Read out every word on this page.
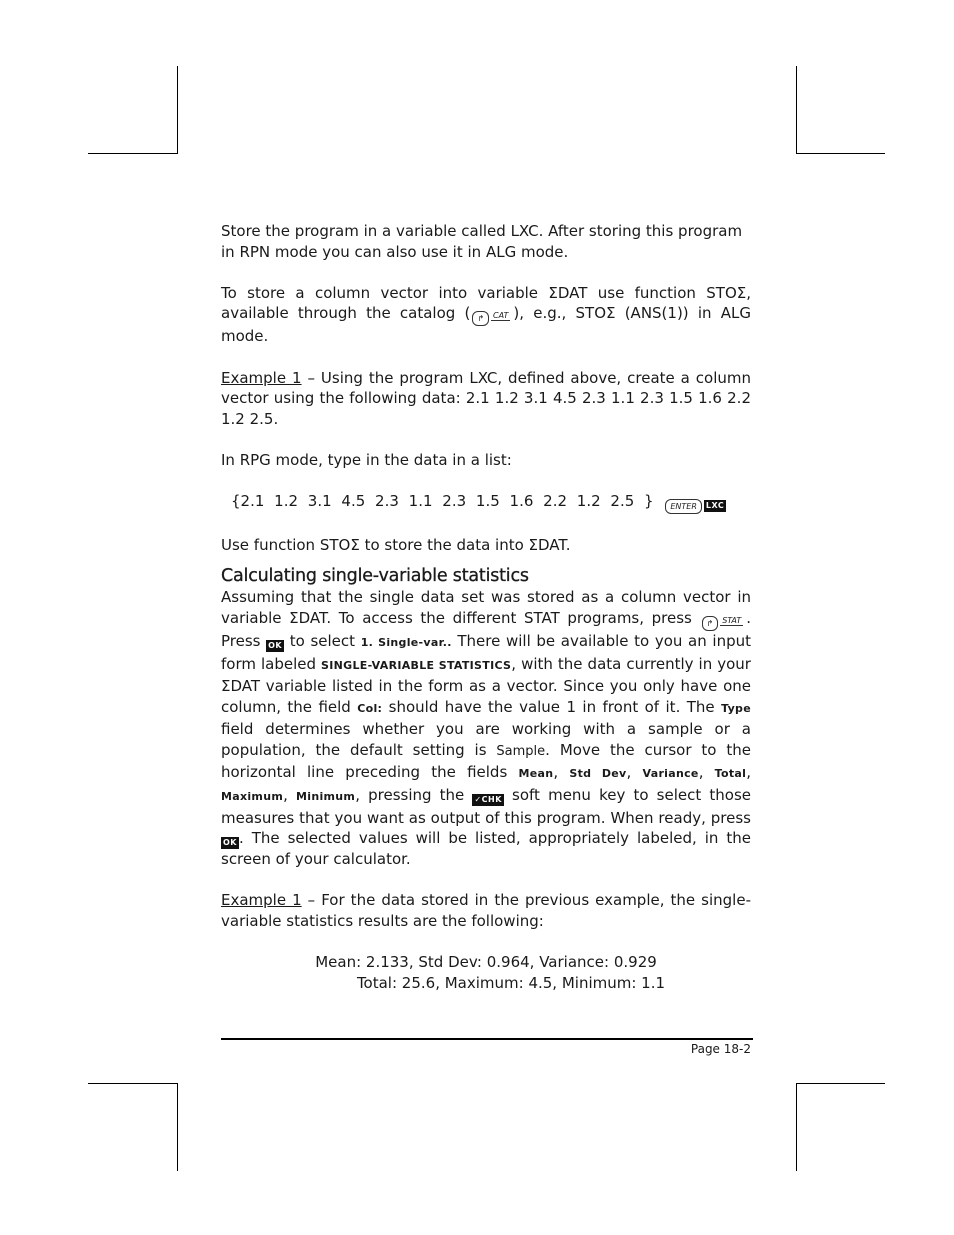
Store the program in a variable called LXC. After storing this program in RPN mode you can also use it in ALG mode.

To store a column vector into variable ΣDAT use function STOΣ, available through the catalog ( ↱ CAT ), e.g., STOΣ (ANS(1)) in ALG mode.

Example 1 – Using the program LXC, defined above, create a column vector using the following data: 2.1 1.2 3.1 4.5 2.3 1.1 2.3 1.5 1.6 2.2 1.2 2.5.

In RPG mode, type in the data in a list:

{2.1 1.2 3.1 4.5 2.3 1.1 2.3 1.5 1.6 2.2 1.2 2.5 } ENTER LXC

Use function STOΣ to store the data into ΣDAT.

Calculating single-variable statistics

Assuming that the single data set was stored as a column vector in variable ΣDAT. To access the different STAT programs, press ↱ STAT . Press OK to select 1. Single-var.. There will be available to you an input form labeled SINGLE-VARIABLE STATISTICS, with the data currently in your ΣDAT variable listed in the form as a vector. Since you only have one column, the field Col: should have the value 1 in front of it. The Type field determines whether you are working with a sample or a population, the default setting is Sample. Move the cursor to the horizontal line preceding the fields Mean, Std Dev, Variance, Total, Maximum, Minimum, pressing the ✓CHK soft menu key to select those measures that you want as output of this program. When ready, press OK . The selected values will be listed, appropriately labeled, in the screen of your calculator.

Example 1 – For the data stored in the previous example, the single-variable statistics results are the following:

Mean: 2.133, Std Dev: 0.964, Variance: 0.929

Total: 25.6, Maximum: 4.5, Minimum: 1.1

Page 18-2
